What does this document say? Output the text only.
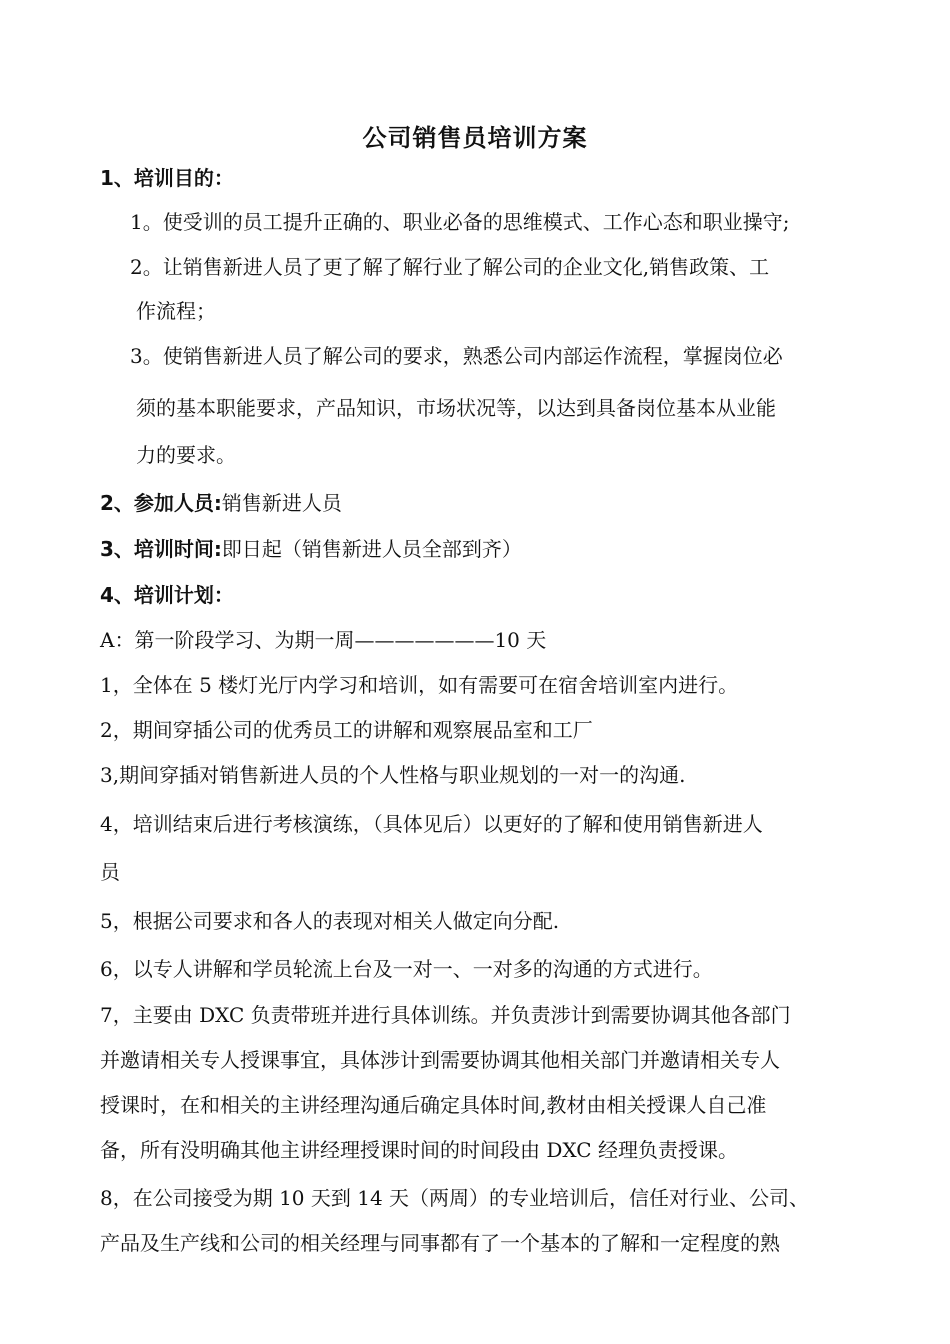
公司销售员培训方案
1、培训目的：
1。使受训的员工提升正确的、职业必备的思维模式、工作心态和职业操守;
2。让销售新进人员了更了解了解行业了解公司的企业文化,销售政策、工
作流程；
3。使销售新进人员了解公司的要求，熟悉公司内部运作流程，掌握岗位必
须的基本职能要求，产品知识，市场状况等，以达到具备岗位基本从业能
力的要求。
2、参加人员:销售新进人员
3、培训时间:即日起（销售新进人员全部到齐）
4、培训计划：
A：第一阶段学习、为期一周———————10 天
1，全体在 5 楼灯光厅内学习和培训，如有需要可在宿舍培训室内进行。
2，期间穿插公司的优秀员工的讲解和观察展品室和工厂
3,期间穿插对销售新进人员的个人性格与职业规划的一对一的沟通.
4，培训结束后进行考核演练，（具体见后）以更好的了解和使用销售新进人
员
5，根据公司要求和各人的表现对相关人做定向分配.
6，以专人讲解和学员轮流上台及一对一、一对多的沟通的方式进行。
7，主要由 DXC 负责带班并进行具体训练。并负责涉计到需要协调其他各部门
并邀请相关专人授课事宜，具体涉计到需要协调其他相关部门并邀请相关专人
授课时，在和相关的主讲经理沟通后确定具体时间,教材由相关授课人自己准
备，所有没明确其他主讲经理授课时间的时间段由 DXC 经理负责授课。
8，在公司接受为期 10 天到 14 天（两周）的专业培训后，信任对行业、公司、
产品及生产线和公司的相关经理与同事都有了一个基本的了解和一定程度的熟
